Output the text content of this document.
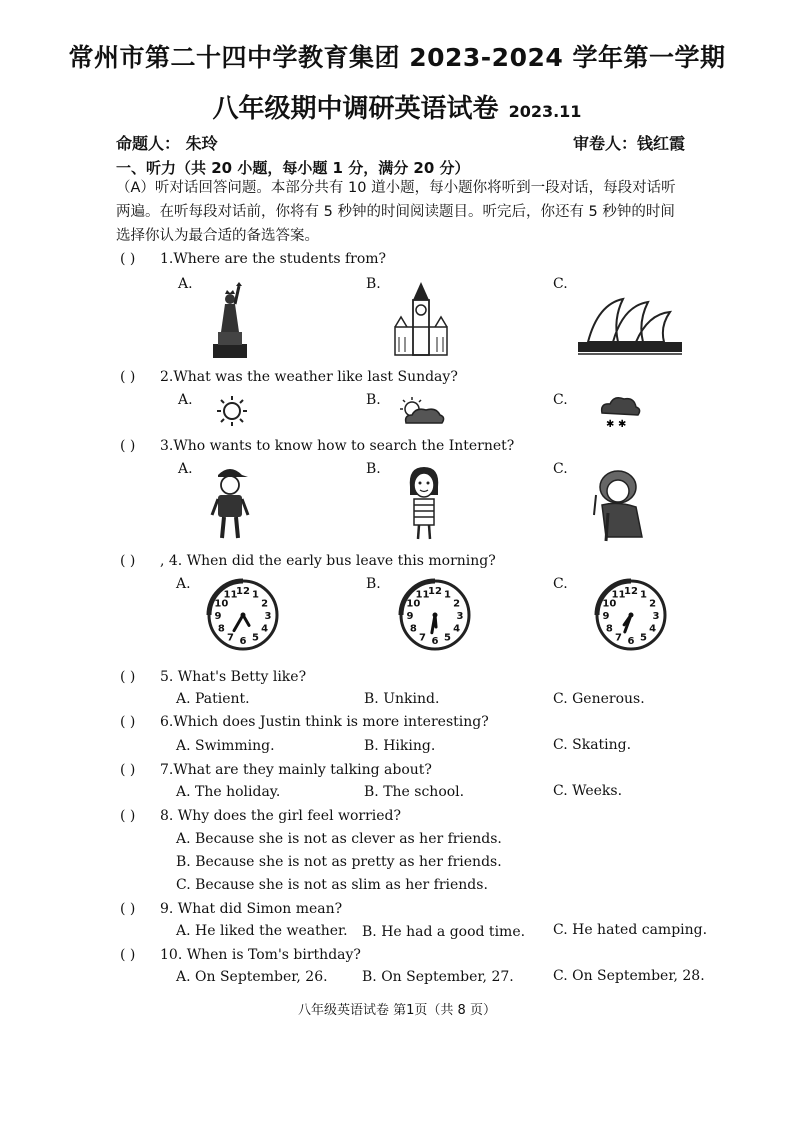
常州市第二十四中学教育集团 2023-2024 学年第一学期
八年级期中调研英语试卷 2023.11
命题人： 朱玲	审卷人：钱红霞
一、听力（共 20 小题，每小题 1 分，满分 20 分）
（A）听对话回答问题。本部分共有 10 道小题，每小题你将听到一段对话，每段对话听
两遍。在听每段对话前，你将有 5 秒钟的时间阅读题目。听完后，你还有 5 秒钟的时间
选择你认为最合适的备选答案。
( ) 1.Where are the students from?
A.	B.	C.
( ) 2.What was the weather like last Sunday?
A.	B.	C.
✱ ✱
( ) 3.Who wants to know how to search the Internet?
A.	B.	C.
( ) , 4. When did the early bus leave this morning?
A.	B.	C.
12 1
2
3
4
5
6
7
8
9
10
11	12 1
2
3
4
5
6
7
8
9
10
11	12 1
2
3
4
5
6
7
8
9
10
11
( ) 5. What's Betty like?
A. Patient.	B. Unkind.	C. Generous.
( ) 6.Which does Justin think is more interesting?
A. Swimming.	B. Hiking.	C. Skating.
( ) 7.What are they mainly talking about?
A. The holiday.	B. The school.	C. Weeks.
( ) 8. Why does the girl feel worried?
A. Because she is not as clever as her friends.
B. Because she is not as pretty as her friends.
C. Because she is not as slim as her friends.
( ) 9. What did Simon mean?
A. He liked the weather. B. He had a good time. C. He hated camping.
( ) 10. When is Tom's birthday?
A. On September, 26. B. On September, 27.	C. On September, 28.
八年级英语试卷 第1页（共 8 页）
